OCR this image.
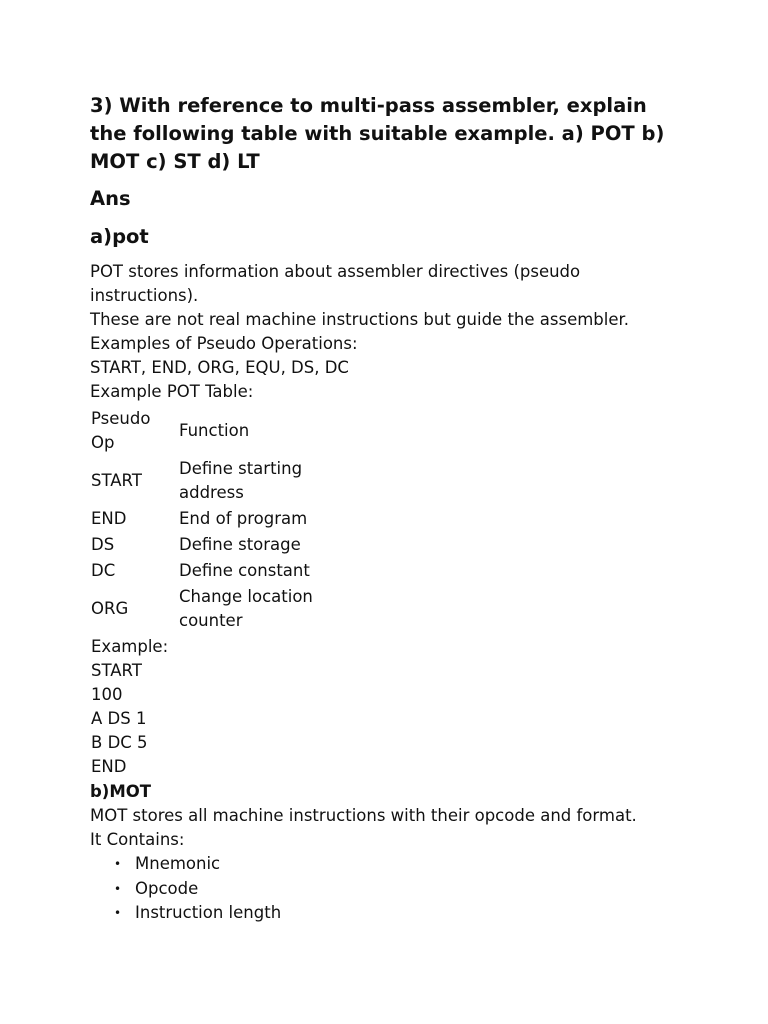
3) With reference to multi-pass assembler, explain the following table with suitable example. a) POT b) MOT c) ST d) LT

Ans

a)pot

POT stores information about assembler directives (pseudo instructions).

These are not real machine instructions but guide the assembler.

Examples of Pseudo Operations:

START, END, ORG, EQU, DS, DC

Example POT Table:

Pseudo Op	Function
START	Define starting address
END	End of program
DS	Define storage
DC	Define constant
ORG	Change location counter

Example:

START

100

A DS 1

B DC 5

END

b)MOT

MOT stores all machine instructions with their opcode and format.

It Contains:

• Mnemonic
• Opcode
• Instruction length
